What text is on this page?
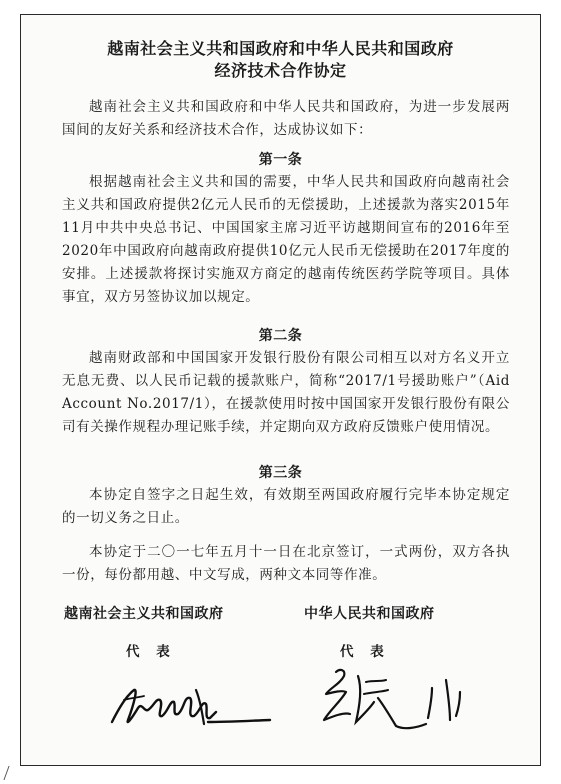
越南社会主义共和国政府和中华人民共和国政府
经济技术合作协定

越南社会主义共和国政府和中华人民共和国政府，为进一步发展两国间的友好关系和经济技术合作，达成协议如下：

第一条

根据越南社会主义共和国的需要，中华人民共和国政府向越南社会主义共和国政府提供2亿元人民币的无偿援助，上述援款为落实2015年11月中共中央总书记、中国国家主席习近平访越期间宣布的2016年至2020年中国政府向越南政府提供10亿元人民币无偿援助在2017年度的安排。上述援款将探讨实施双方商定的越南传统医药学院等项目。具体事宜，双方另签协议加以规定。

第二条

越南财政部和中国国家开发银行股份有限公司相互以对方名义开立无息无费、以人民币记载的援款账户，简称“2017/1号援助账户”（Aid Account No.2017/1），在援款使用时按中国国家开发银行股份有限公司有关操作规程办理记账手续，并定期向双方政府反馈账户使用情况。

第三条

本协定自签字之日起生效，有效期至两国政府履行完毕本协定规定的一切义务之日止。

本协定于二〇一七年五月十一日在北京签订，一式两份，双方各执一份，每份都用越、中文写成，两种文本同等作准。

越南社会主义共和国政府	中华人民共和国政府
代 表	代 表
